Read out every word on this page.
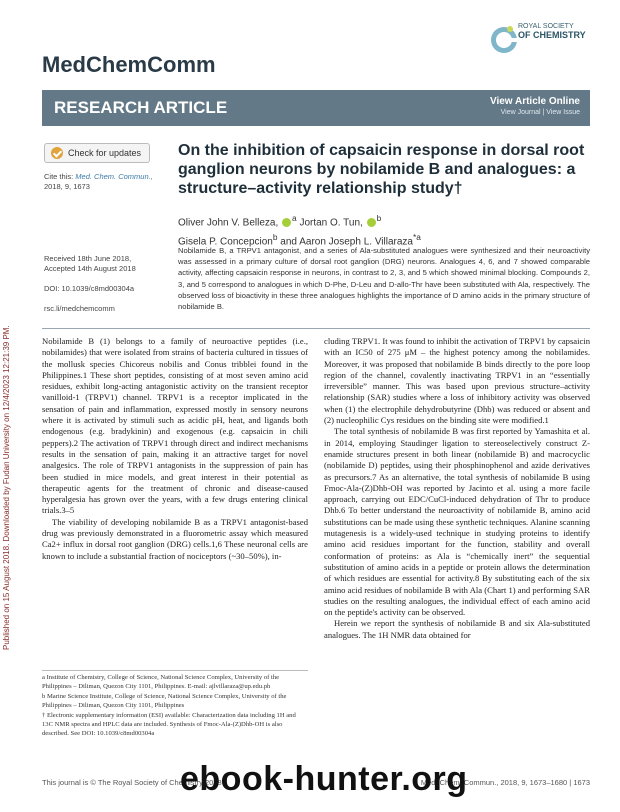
Published on 15 August 2018. Downloaded by Fudan University on 12/4/2023 12:21:39 PM.
MedChemComm
ROYAL SOCIETY
OF CHEMISTRY
RESEARCH ARTICLE	View Article Online
View Journal | View Issue
Check for updates
Cite this: Med. Chem. Commun.,
2018, 9, 1673
On the inhibition of capsaicin response in dorsal root ganglion neurons by nobilamide B and analogues: a structure–activity relationship study†
Oliver John V. Belleza, $^a$ Jortan O. Tun, $^b$
Gisela P. Concepcion$^b$ and Aaron Joseph L. Villaraza$^{*a}$

Received 18th June 2018,
Accepted 14th August 2018

DOI: 10.1039/c8md00304a

rsc.li/medchemcomm

Nobilamide B, a TRPV1 antagonist, and a series of Ala-substituted analogues were synthesized and their neuroactivity was assessed in a primary culture of dorsal root ganglion (DRG) neurons. Analogues 4, 6, and 7 showed comparable activity, affecting capsaicin response in neurons, in contrast to 2, 3, and 5 which showed minimal blocking. Compounds 2, 3, and 5 correspond to analogues in which D-Phe, D-Leu and D-allo-Thr have been substituted with Ala, respectively. The observed loss of bioactivity in these three analogues highlights the importance of D amino acids in the primary structure of nobilamide B.

Nobilamide B (1) belongs to a family of neuroactive peptides (i.e., nobilamides) that were isolated from strains of bacteria cultured in tissues of the mollusk species Chicoreus nobilis and Conus tribblei found in the Philippines.1 These short peptides, consisting of at most seven amino acid residues, exhibit long-acting antagonistic activity on the transient receptor vanilloid-1 (TRPV1) channel. TRPV1 is a receptor implicated in the sensation of pain and inflammation, expressed mostly in sensory neurons where it is activated by stimuli such as acidic pH, heat, and ligands both endogenous (e.g. bradykinin) and exogenous (e.g. capsaicin in chili peppers).2 The activation of TRPV1 through direct and indirect mechanisms results in the sensation of pain, making it an attractive target for novel analgesics. The role of TRPV1 antagonists in the suppression of pain has been studied in mice models, and great interest in their potential as therapeutic agents for the treatment of chronic and disease-caused hyperalgesia has grown over the years, with a few drugs entering clinical trials.3–5

The viability of developing nobilamide B as a TRPV1 antagonist-based drug was previously demonstrated in a fluorometric assay which measured Ca2+ influx in dorsal root ganglion (DRG) cells.1,6 These neuronal cells are known to include a substantial fraction of nociceptors (~30–50%), in-

cluding TRPV1. It was found to inhibit the activation of TRPV1 by capsaicin with an IC50 of 275 μM – the highest potency among the nobilamides. Moreover, it was proposed that nobilamide B binds directly to the pore loop region of the channel, covalently inactivating TRPV1 in an “essentially irreversible” manner. This was based upon previous structure–activity relationship (SAR) studies where a loss of inhibitory activity was observed when (1) the electrophile dehydrobutyrine (Dhb) was reduced or absent and (2) nucleophilic Cys residues on the binding site were modified.1

The total synthesis of nobilamide B was first reported by Yamashita et al. in 2014, employing Staudinger ligation to stereoselectively construct Z-enamide structures present in both linear (nobilamide B) and macrocyclic (nobilamide D) peptides, using their phosphinophenol and azide derivatives as precursors.7 As an alternative, the total synthesis of nobilamide B using Fmoc-Ala-(Z)Dhb-OH was reported by Jacinto et al. using a more facile approach, carrying out EDC/CuCl-induced dehydration of Thr to produce Dhb.6 To better understand the neuroactivity of nobilamide B, amino acid substitutions can be made using these synthetic techniques. Alanine scanning mutagenesis is a widely-used technique in studying proteins to identify amino acid residues important for the function, stability and overall conformation of proteins: as Ala is “chemically inert” the sequential substitution of amino acids in a peptide or protein allows the determination of which residues are essential for activity.8 By substituting each of the six amino acid residues of nobilamide B with Ala (Chart 1) and performing SAR studies on the resulting analogues, the individual effect of each amino acid on the peptide's activity can be observed.

Herein we report the synthesis of nobilamide B and six Ala-substituted analogues. The 1H NMR data obtained for

a Institute of Chemistry, College of Science, National Science Complex, University of the Philippines – Diliman, Quezon City 1101, Philippines. E-mail: ajlvillaraza@up.edu.ph

b Marine Science Institute, College of Science, National Science Complex, University of the Philippines – Diliman, Quezon City 1101, Philippines

† Electronic supplementary information (ESI) available: Characterization data including 1H and 13C NMR spectra and HPLC data are included. Synthesis of Fmoc-Ala-(Z)Dhb-OH is also described. See DOI: 10.1039/c8md00304a

This journal is © The Royal Society of Chemistry 2018	Med. Chem. Commun., 2018, 9, 1673–1680 | 1673
ebook-hunter.org
